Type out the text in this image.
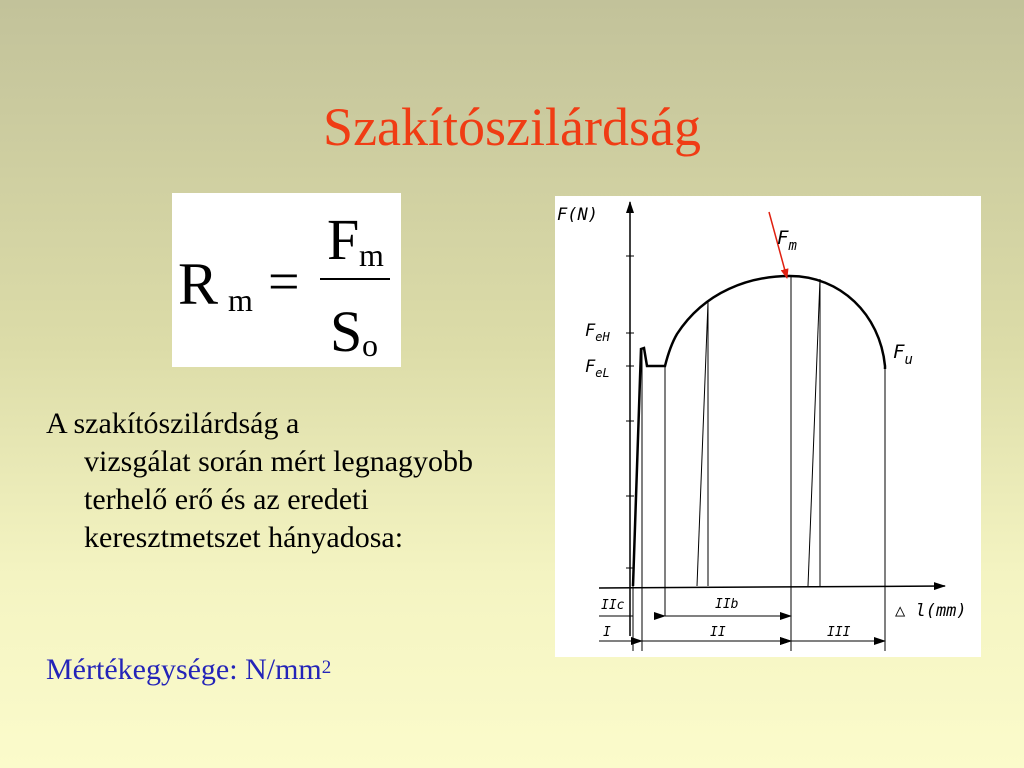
Szakítószilárdság
R m =
F m
S o
A szakítószilárdság a
vizsgálat során mért legnagyobb terhelő erő és az eredeti keresztmetszet hányadosa:
Mértékegysége: $N/mm^2$
F(N)
△ l(mm)
$F_m$
$F_{eH}$
$F_{eL}$
$F_u$
IIc	IIb
I	II	III
